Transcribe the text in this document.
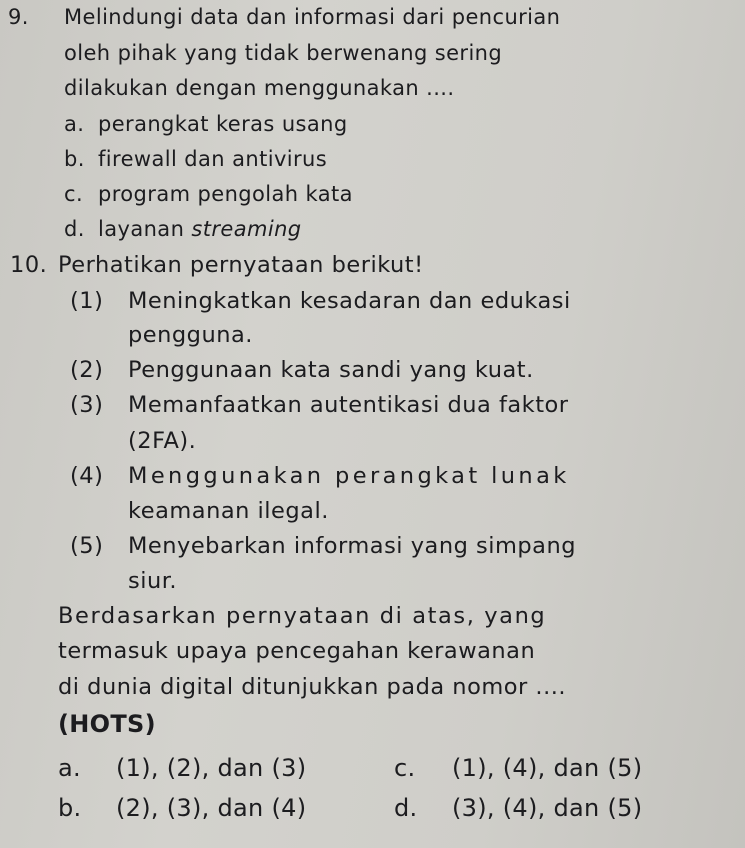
9. Melindungi data dan informasi dari pencurian
oleh pihak yang tidak berwenang sering
dilakukan dengan menggunakan ....
a. perangkat keras usang
b. firewall dan antivirus
c. program pengolah kata
d. layanan streaming
10. Perhatikan pernyataan berikut!
(1) Meningkatkan kesadaran dan edukasi
pengguna.
(2) Penggunaan kata sandi yang kuat.
(3) Memanfaatkan autentikasi dua faktor
(2FA).
(4) Menggunakan perangkat lunak
keamanan ilegal.
(5) Menyebarkan informasi yang simpang
siur.
Berdasarkan pernyataan di atas, yang
termasuk upaya pencegahan kerawanan
di dunia digital ditunjukkan pada nomor ....
(HOTS)
a. (1), (2), dan (3)
b. (2), (3), dan (4)
c. (1), (4), dan (5)
d. (3), (4), dan (5)
